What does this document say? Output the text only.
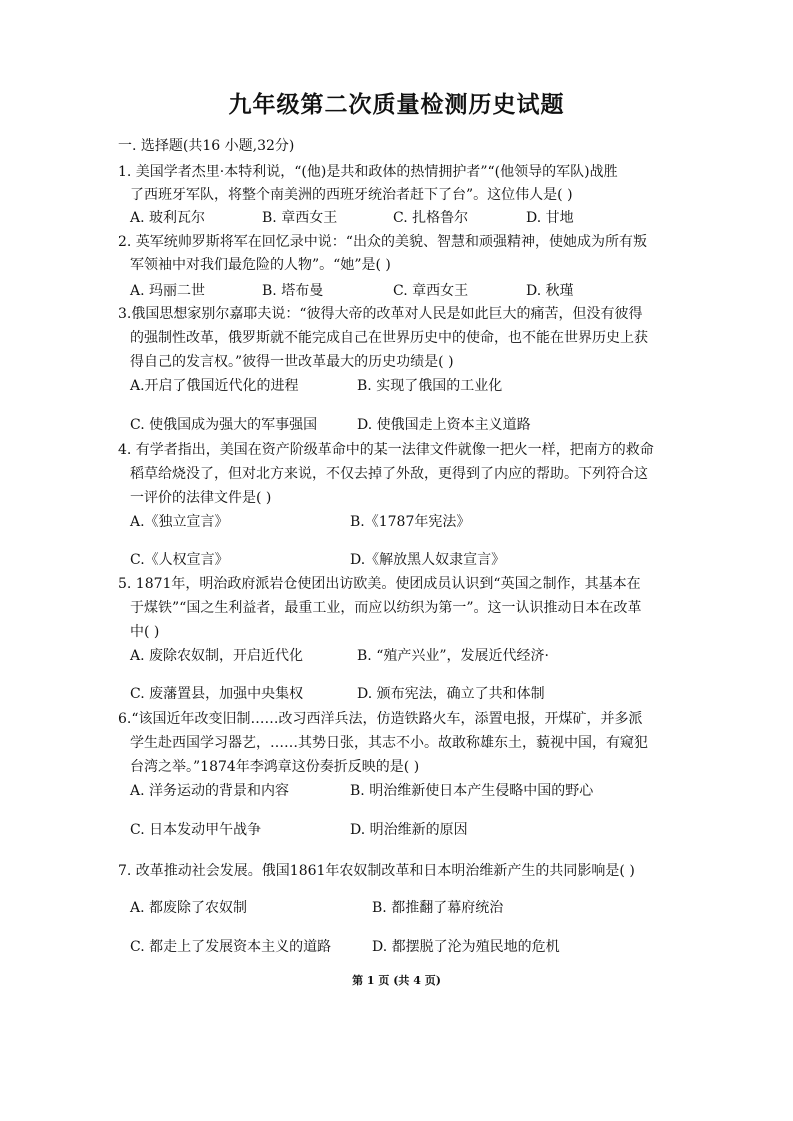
九年级第二次质量检测历史试题
一. 选择题(共16 小题,32分)
1. 美国学者杰里·本特利说，“(他)是共和政体的热情拥护者”“(他领导的军队)战胜
了西班牙军队，将整个南美洲的西班牙统治者赶下了台”。这位伟人是( )
A. 玻利瓦尔	B. 章西女王	C. 扎格鲁尔	D. 甘地
2. 英军统帅罗斯将军在回忆录中说：“出众的美貌、智慧和顽强精神，使她成为所有叛
军领袖中对我们最危险的人物”。“她”是( )
A. 玛丽二世	B. 塔布曼	C. 章西女王	D. 秋瑾
3.俄国思想家别尔嘉耶夫说：“彼得大帝的改革对人民是如此巨大的痛苦，但没有彼得
的强制性改革，俄罗斯就不能完成自己在世界历史中的使命，也不能在世界历史上获
得自己的发言权。”彼得一世改革最大的历史功绩是( )
A.开启了俄国近代化的进程	B. 实现了俄国的工业化
C. 使俄国成为强大的军事强国	D. 使俄国走上资本主义道路
4. 有学者指出，美国在资产阶级革命中的某一法律文件就像一把火一样，把南方的救命
稻草给烧没了，但对北方来说，不仅去掉了外敌，更得到了内应的帮助。下列符合这
一评价的法律文件是( )
A.《独立宣言》	B.《1787年宪法》
C.《人权宣言》	D.《解放黑人奴隶宣言》
5. 1871年，明治政府派岩仓使团出访欧美。使团成员认识到“英国之制作，其基本在
于煤铁”“国之生利益者，最重工业，而应以纺织为第一”。这一认识推动日本在改革
中( )
A. 废除农奴制，开启近代化	B. “殖产兴业”，发展近代经济·
C. 废藩置县，加强中央集权	D. 颁布宪法，确立了共和体制
6.“该国近年改变旧制……改习西洋兵法，仿造铁路火车，添置电报，开煤矿，并多派
学生赴西国学习器艺，……其势日张，其志不小。故敢称雄东土，藐视中国，有窥犯
台湾之举。”1874年李鸿章这份奏折反映的是( )
A. 洋务运动的背景和内容	B. 明治维新使日本产生侵略中国的野心
C. 日本发动甲午战争	D. 明治维新的原因
7. 改革推动社会发展。俄国1861年农奴制改革和日本明治维新产生的共同影响是( )
A. 都废除了农奴制	B. 都推翻了幕府统治
C. 都走上了发展资本主义的道路	D. 都摆脱了沦为殖民地的危机
第 1 页 (共 4 页)
